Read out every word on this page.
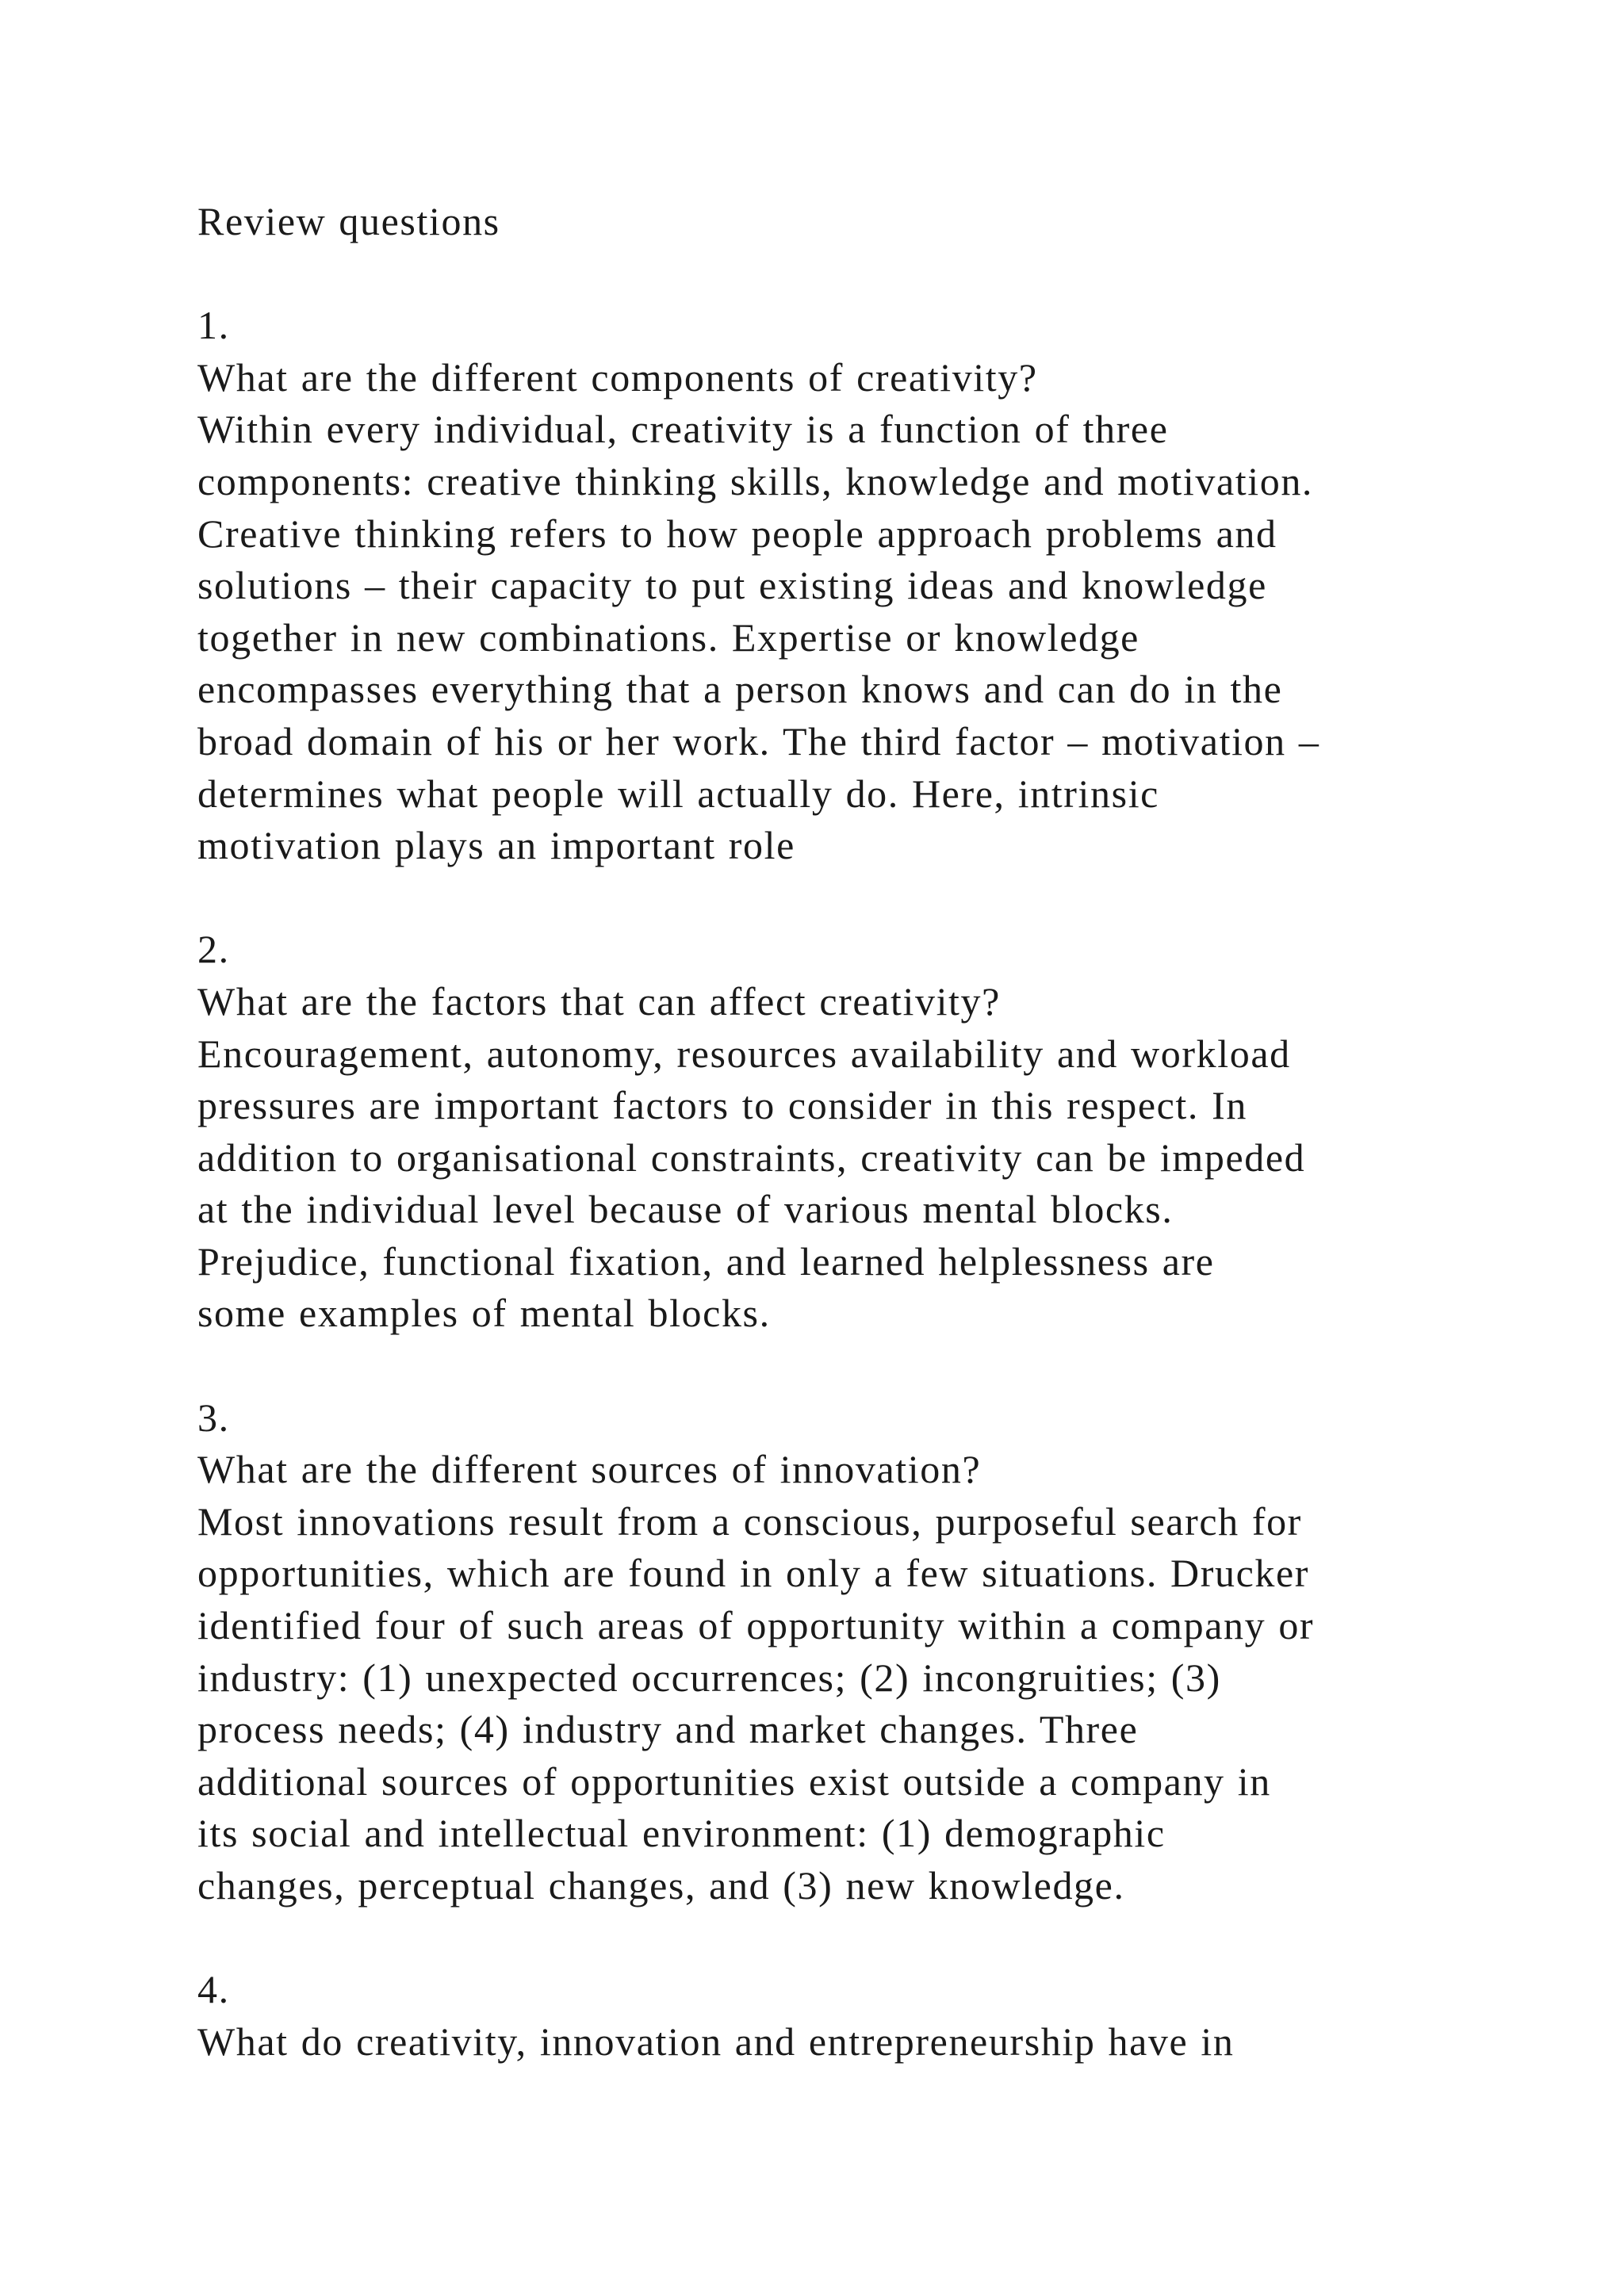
Review questions
1.
What are the different components of creativity?
Within every individual, creativity is a function of three
components: creative thinking skills, knowledge and motivation.
Creative thinking refers to how people approach problems and
solutions – their capacity to put existing ideas and knowledge
together in new combinations. Expertise or knowledge
encompasses everything that a person knows and can do in the
broad domain of his or her work. The third factor – motivation –
determines what people will actually do. Here, intrinsic
motivation plays an important role
2.
What are the factors that can affect creativity?
Encouragement, autonomy, resources availability and workload
pressures are important factors to consider in this respect. In
addition to organisational constraints, creativity can be impeded
at the individual level because of various mental blocks.
Prejudice, functional fixation, and learned helplessness are
some examples of mental blocks.
3.
What are the different sources of innovation?
Most innovations result from a conscious, purposeful search for
opportunities, which are found in only a few situations. Drucker
identified four of such areas of opportunity within a company or
industry: (1) unexpected occurrences; (2) incongruities; (3)
process needs; (4) industry and market changes. Three
additional sources of opportunities exist outside a company in
its social and intellectual environment: (1) demographic
changes, perceptual changes, and (3) new knowledge.
4.
What do creativity, innovation and entrepreneurship have in
